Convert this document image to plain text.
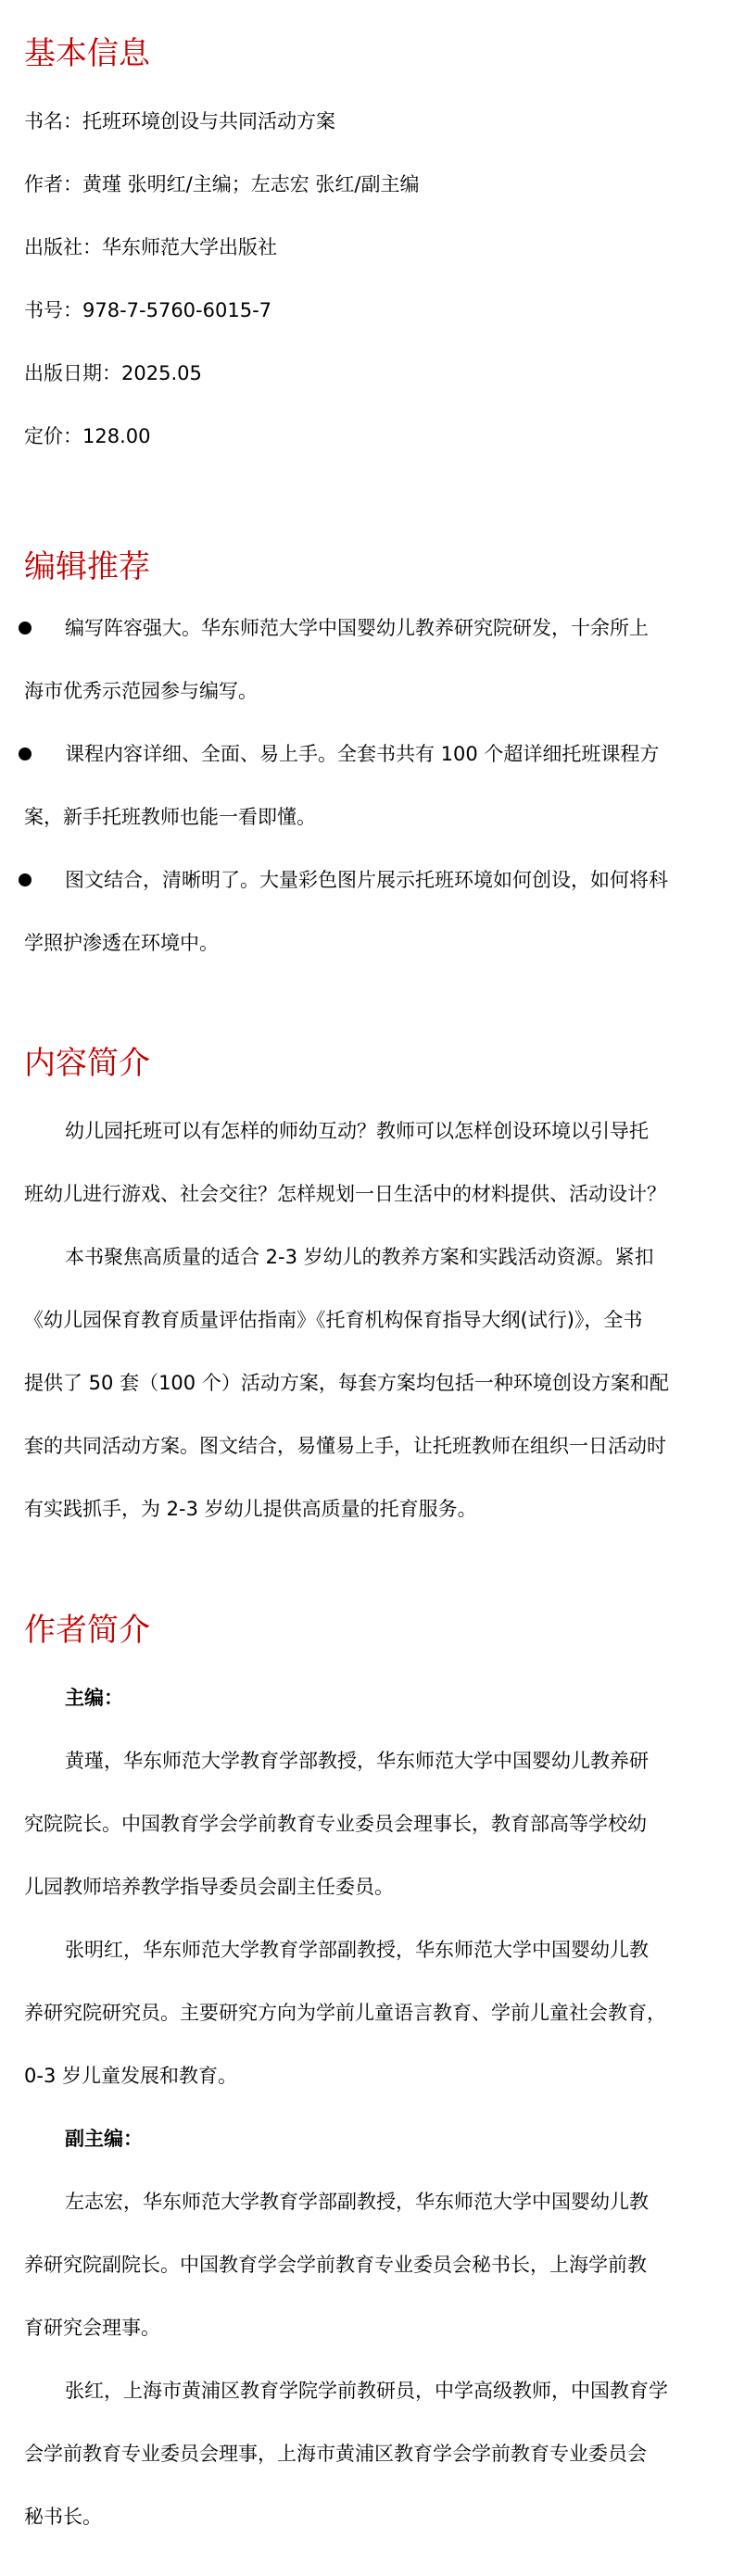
基本信息
书名：托班环境创设与共同活动方案
作者：黄瑾 张明红/主编；左志宏 张红/副主编
出版社：华东师范大学出版社
书号：978-7-5760-6015-7
出版日期：2025.05
定价：128.00
编辑推荐
编写阵容强大。华东师范大学中国婴幼儿教养研究院研发，十余所上
海市优秀示范园参与编写。
课程内容详细、全面、易上手。全套书共有 100 个超详细托班课程方
案，新手托班教师也能一看即懂。
图文结合，清晰明了。大量彩色图片展示托班环境如何创设，如何将科
学照护渗透在环境中。
内容简介
幼儿园托班可以有怎样的师幼互动？教师可以怎样创设环境以引导托
班幼儿进行游戏、社会交往？怎样规划一日生活中的材料提供、活动设计？
本书聚焦高质量的适合 2-3 岁幼儿的教养方案和实践活动资源。紧扣
《幼儿园保育教育质量评估指南》《托育机构保育指导大纲(试行)》，全书
提供了 50 套（100 个）活动方案，每套方案均包括一种环境创设方案和配
套的共同活动方案。图文结合，易懂易上手，让托班教师在组织一日活动时
有实践抓手，为 2-3 岁幼儿提供高质量的托育服务。
作者简介
主编：
黄瑾，华东师范大学教育学部教授，华东师范大学中国婴幼儿教养研
究院院长。中国教育学会学前教育专业委员会理事长，教育部高等学校幼
儿园教师培养教学指导委员会副主任委员。
张明红，华东师范大学教育学部副教授，华东师范大学中国婴幼儿教
养研究院研究员。主要研究方向为学前儿童语言教育、学前儿童社会教育，
0-3 岁儿童发展和教育。
副主编：
左志宏，华东师范大学教育学部副教授，华东师范大学中国婴幼儿教
养研究院副院长。中国教育学会学前教育专业委员会秘书长，上海学前教
育研究会理事。
张红，上海市黄浦区教育学院学前教研员，中学高级教师，中国教育学
会学前教育专业委员会理事，上海市黄浦区教育学会学前教育专业委员会
秘书长。
